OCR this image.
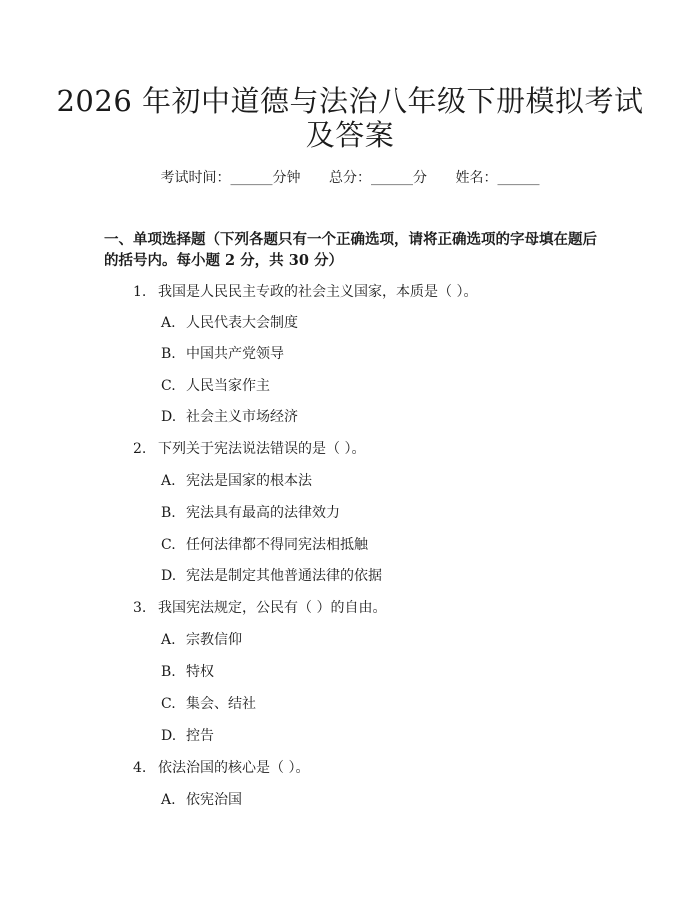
2026 年初中道德与法治八年级下册模拟考试
及答案
考试时间：______分钟 总分：______分 姓名：______
一、单项选择题（下列各题只有一个正确选项，请将正确选项的字母填在题后的括号内。每小题 2 分，共 30 分）
1. 我国是人民民主专政的社会主义国家，本质是（ ）。
A. 人民代表大会制度
B. 中国共产党领导
C. 人民当家作主
D. 社会主义市场经济
2. 下列关于宪法说法错误的是（ ）。
A. 宪法是国家的根本法
B. 宪法具有最高的法律效力
C. 任何法律都不得同宪法相抵触
D. 宪法是制定其他普通法律的依据
3. 我国宪法规定，公民有（ ）的自由。
A. 宗教信仰
B. 特权
C. 集会、结社
D. 控告
4. 依法治国的核心是（ ）。
A. 依宪治国
